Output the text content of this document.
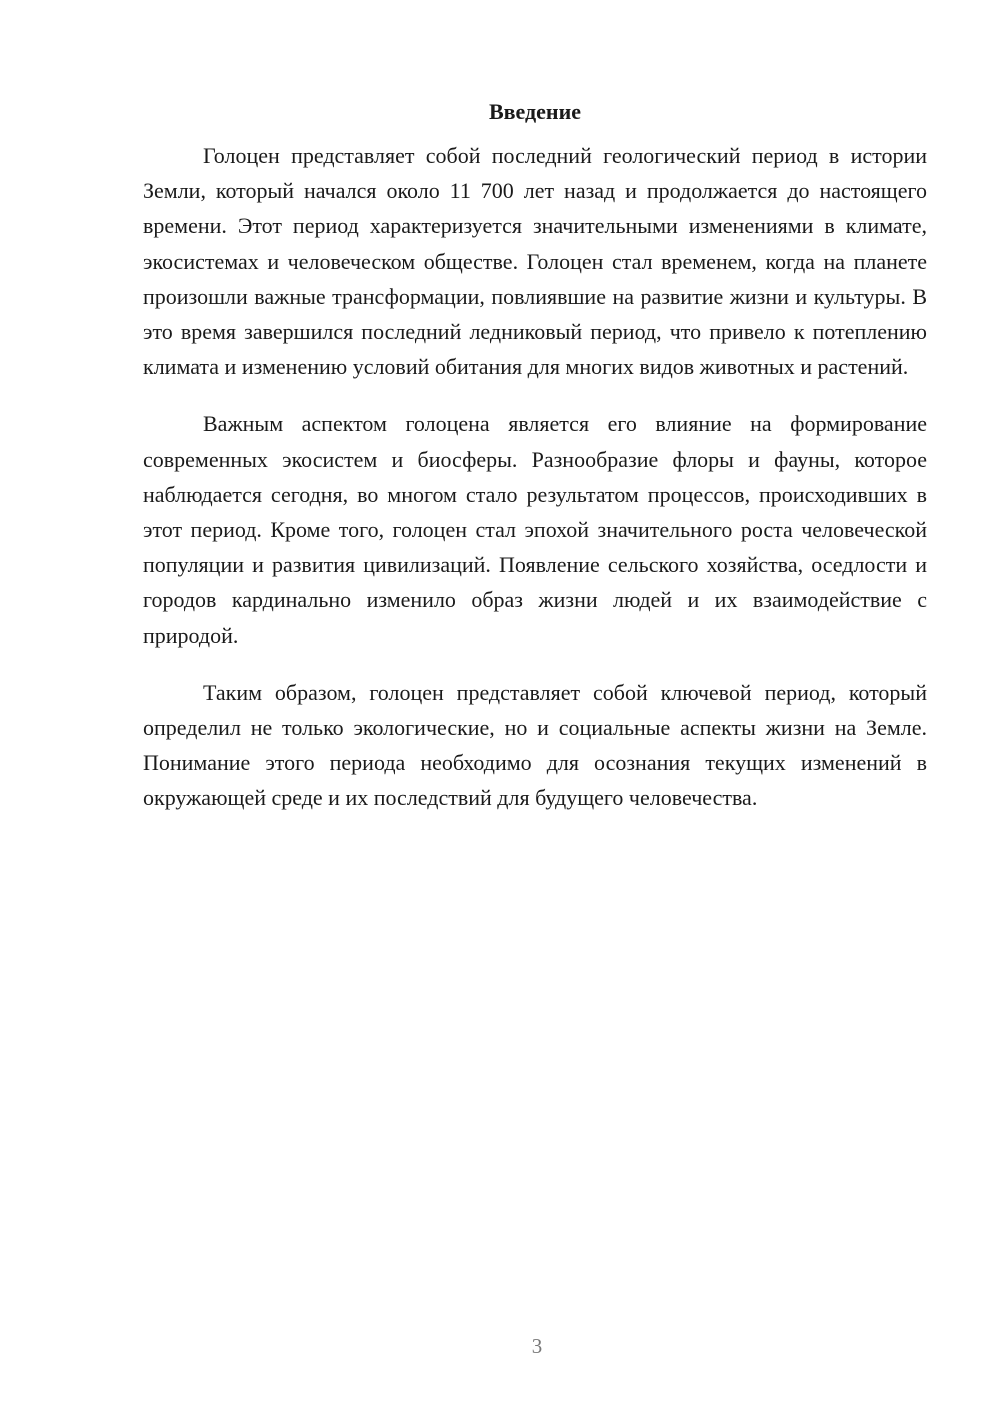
Введение

Голоцен представляет собой последний геологический период в истории Земли, который начался около 11 700 лет назад и продолжается до настоящего времени. Этот период характеризуется значительными изменениями в климате, экосистемах и человеческом обществе. Голоцен стал временем, когда на планете произошли важные трансформации, повлиявшие на развитие жизни и культуры. В это время завершился последний ледниковый период, что привело к потеплению климата и изменению условий обитания для многих видов животных и растений.

Важным аспектом голоцена является его влияние на формирование современных экосистем и биосферы. Разнообразие флоры и фауны, которое наблюдается сегодня, во многом стало результатом процессов, происходивших в этот период. Кроме того, голоцен стал эпохой значительного роста человеческой популяции и развития цивилизаций. Появление сельского хозяйства, оседлости и городов кардинально изменило образ жизни людей и их взаимодействие с природой.

Таким образом, голоцен представляет собой ключевой период, который определил не только экологические, но и социальные аспекты жизни на Земле. Понимание этого периода необходимо для осознания текущих изменений в окружающей среде и их последствий для будущего человечества.

3
